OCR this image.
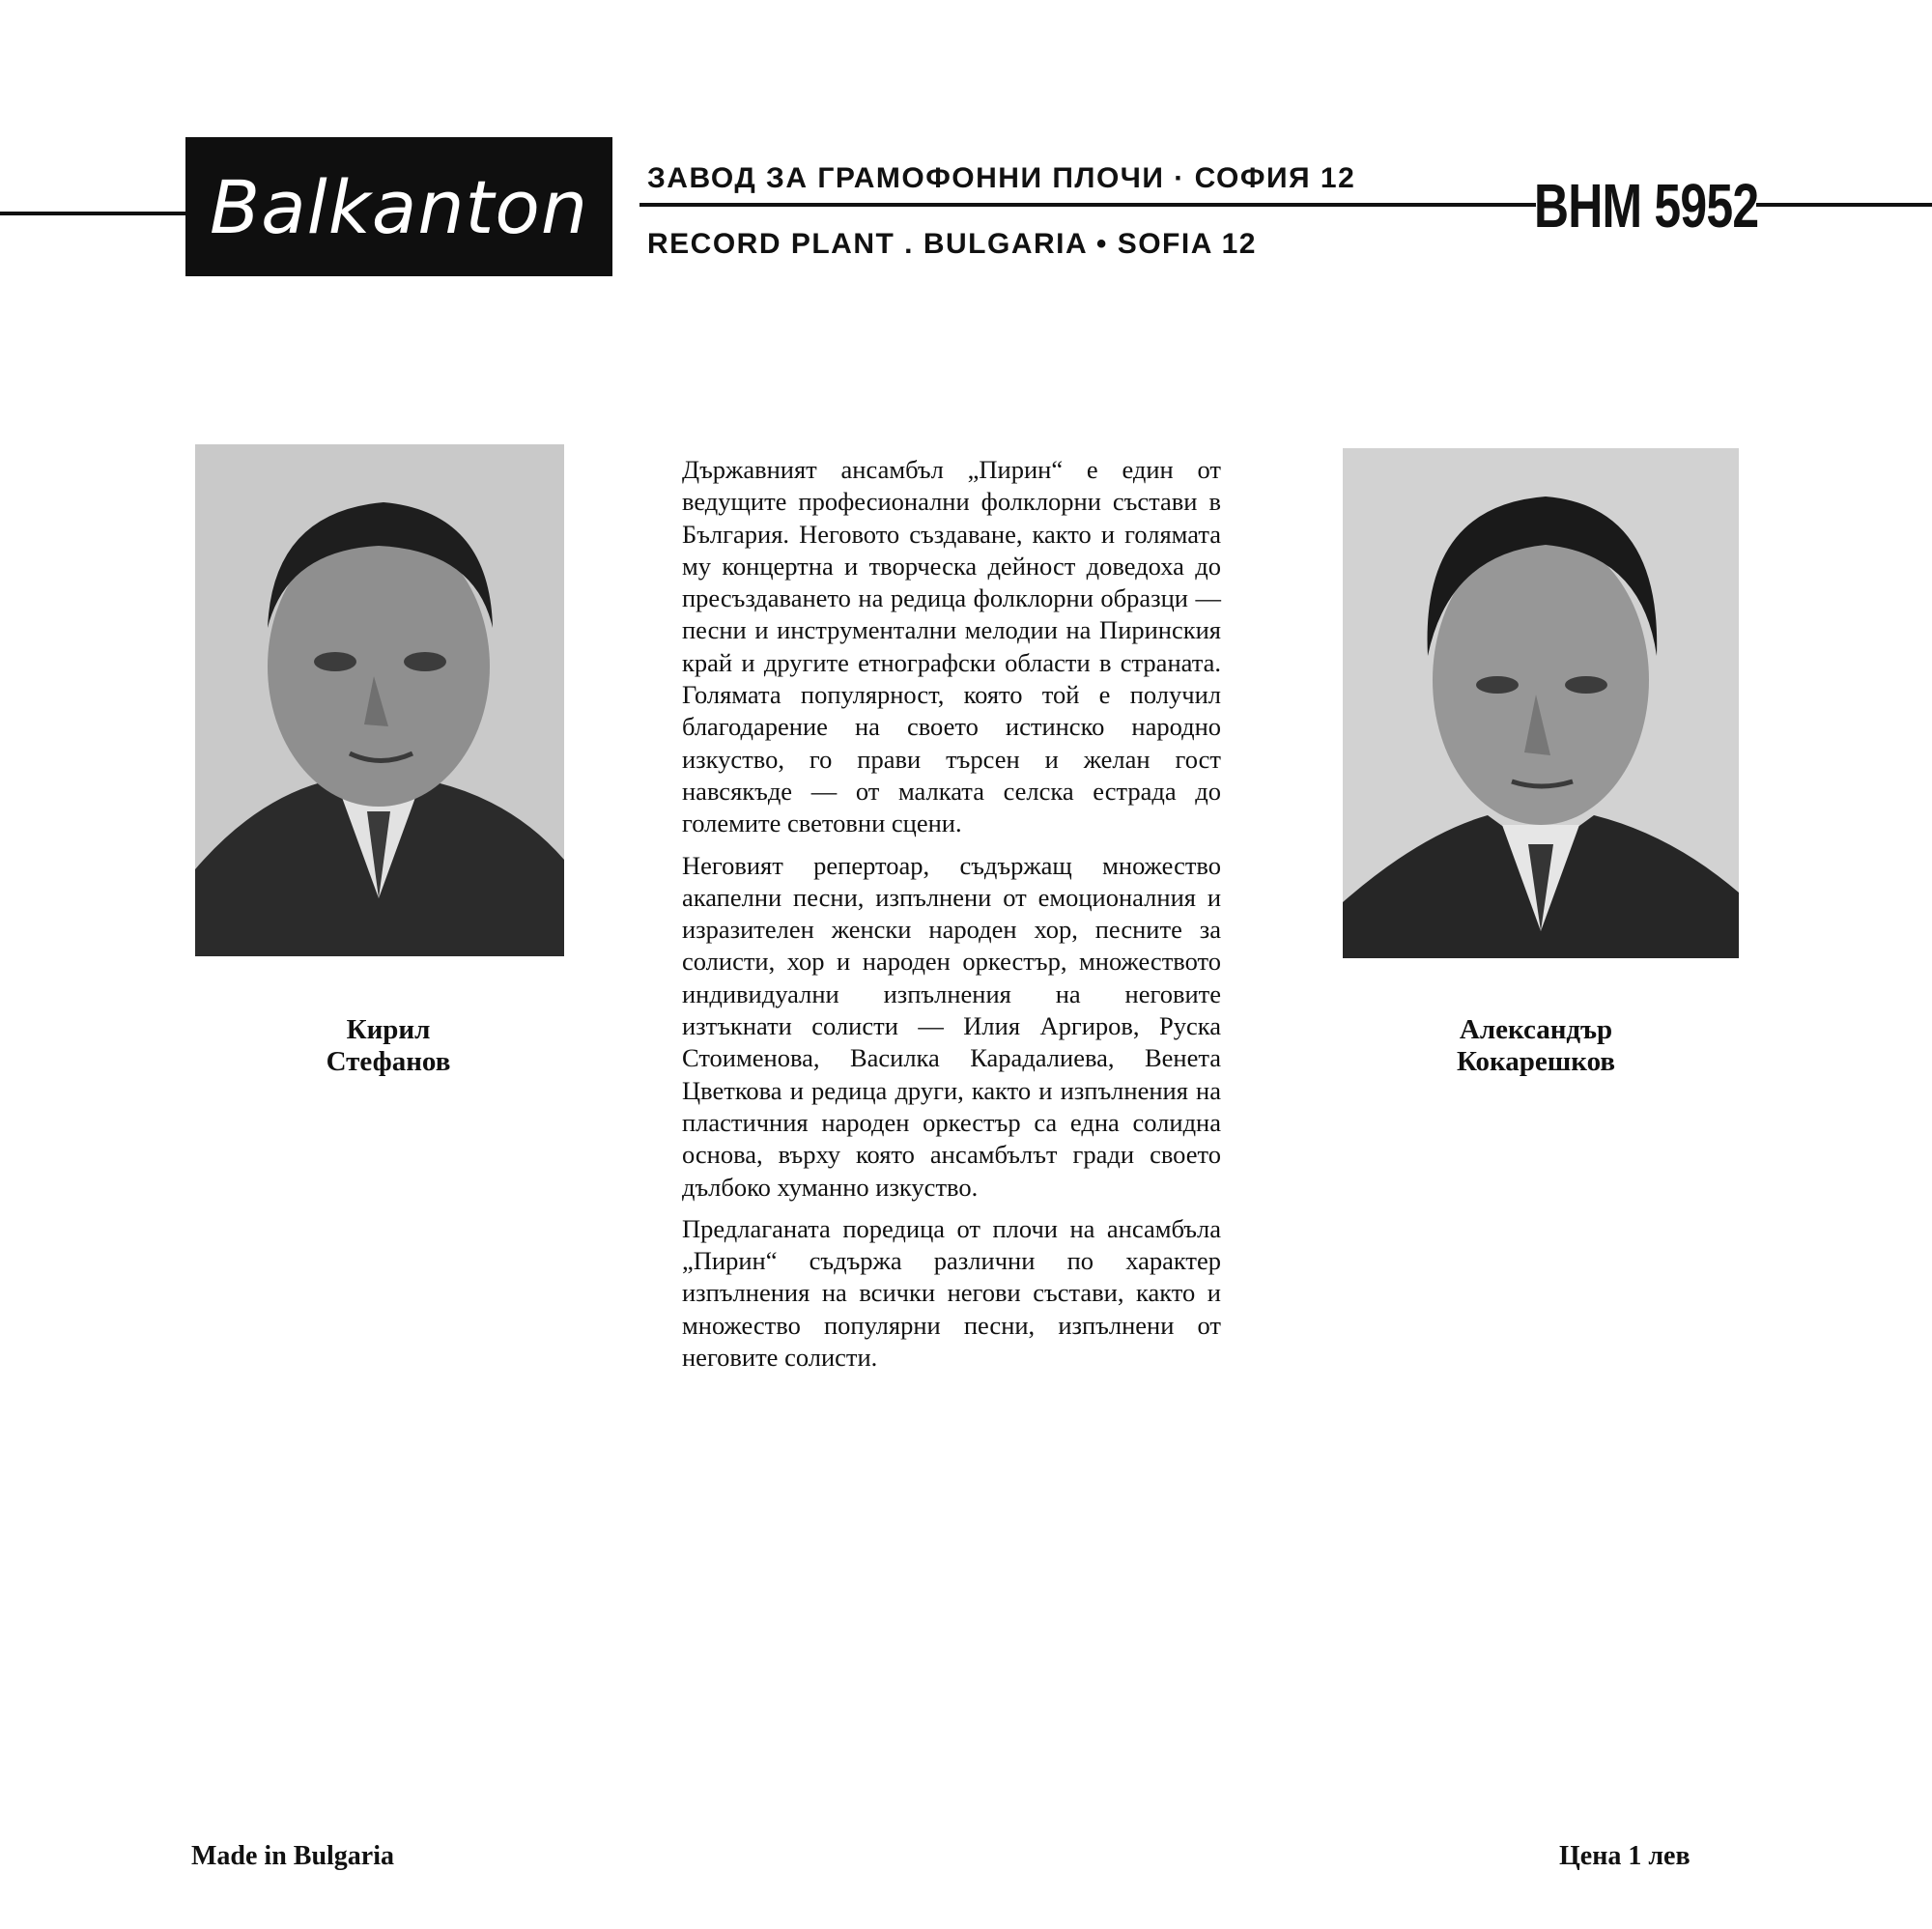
Balkanton ЗАВОД ЗА ГРАМОФОННИ ПЛОЧИ · СОФИЯ 12
RECORD PLANT . BULGARIA • SOFIA 12
ВНМ 5952
Кирил
Стефанов
Александър
Кокарешков

Държавният ансамбъл „Пирин“ е един от ведущите професионални фолклорни състави в България. Неговото създаване, както и голямата му концертна и творческа дейност доведоха до пресъздаването на редица фолклорни образци — песни и инструментални мелодии на Пиринския край и другите етнографски области в страната. Голямата популярност, която той е получил благодарение на своето истинско народно изкуство, го прави търсен и желан гост навсякъде — от малката селска естрада до големите световни сцени.

Неговият репертоар, съдържащ множество акапелни песни, изпълнени от емоционалния и изразителен женски народен хор, песните за солисти, хор и народен оркестър, множеството индивидуални изпълнения на неговите изтъкнати солисти — Илия Аргиров, Руска Стоименова, Василка Карадалиева, Венета Цветкова и редица други, както и изпълнения на пластичния народен оркестър са една солидна основа, върху която ансамбълът гради своето дълбоко хуманно изкуство.

Предлаганата поредица от плочи на ансамбъла „Пирин“ съдържа различни по характер изпълнения на всички негови състави, както и множество популярни песни, изпълнени от неговите солисти.

Made in Bulgaria	Цена 1 лев
